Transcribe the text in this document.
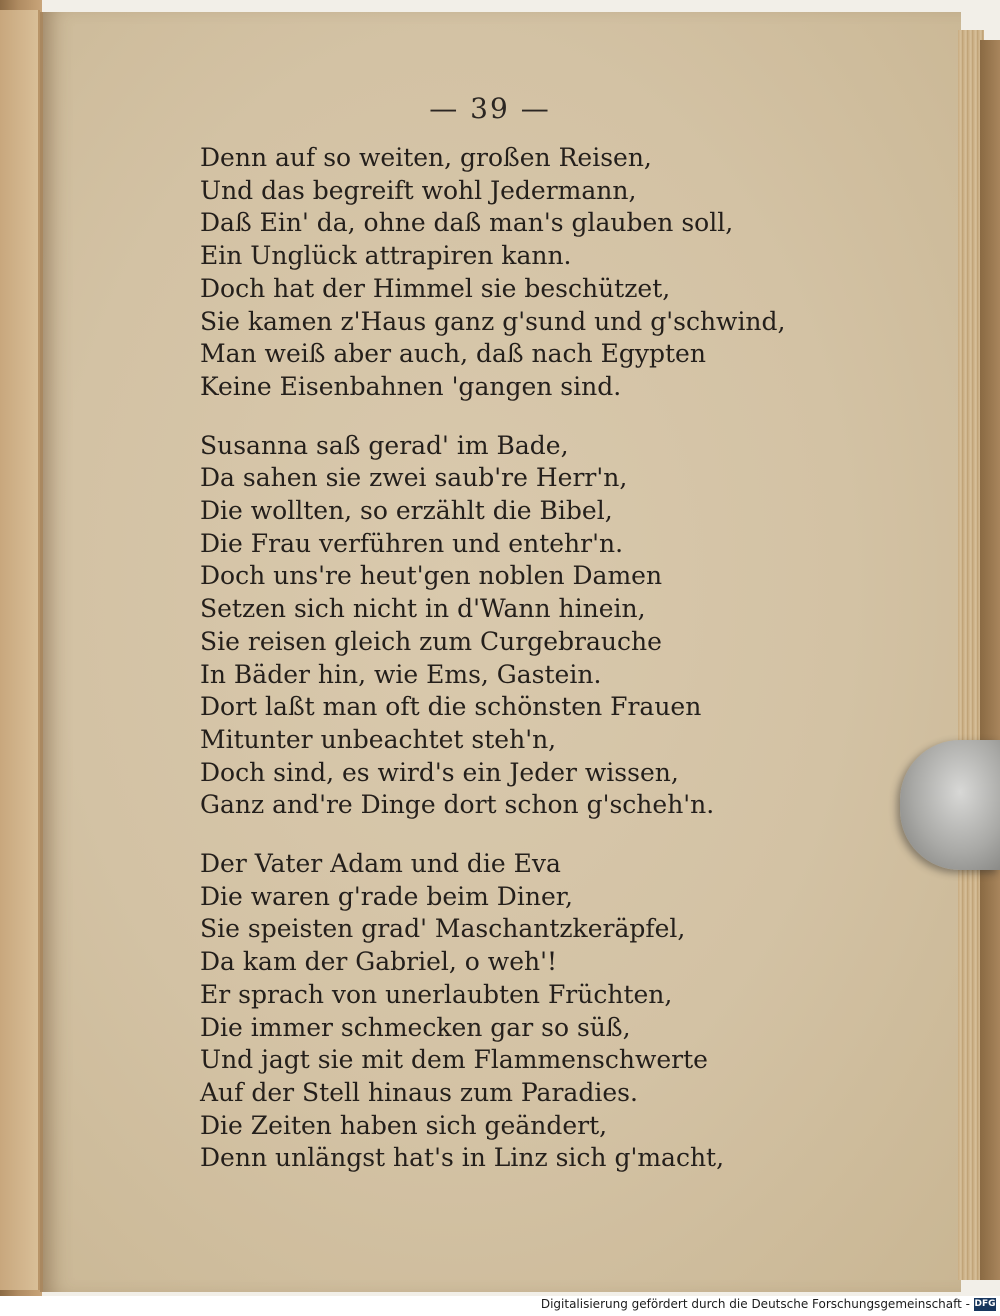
— 39 —
Denn auf so weiten, großen Reisen,
Und das begreift wohl Jedermann,
Daß Ein' da, ohne daß man's glauben soll,
Ein Unglück attrapiren kann.
Doch hat der Himmel sie beschützet,
Sie kamen z'Haus ganz g'sund und g'schwind,
Man weiß aber auch, daß nach Egypten
Keine Eisenbahnen 'gangen sind.
Susanna saß gerad' im Bade,
Da sahen sie zwei saub're Herr'n,
Die wollten, so erzählt die Bibel,
Die Frau verführen und entehr'n.
Doch uns're heut'gen noblen Damen
Setzen sich nicht in d'Wann hinein,
Sie reisen gleich zum Curgebrauche
In Bäder hin, wie Ems, Gastein.
Dort laßt man oft die schönsten Frauen
Mitunter unbeachtet steh'n,
Doch sind, es wird's ein Jeder wissen,
Ganz and're Dinge dort schon g'scheh'n.
Der Vater Adam und die Eva
Die waren g'rade beim Diner,
Sie speisten grad' Maschantzkeräpfel,
Da kam der Gabriel, o weh'!
Er sprach von unerlaubten Früchten,
Die immer schmecken gar so süß,
Und jagt sie mit dem Flammenschwerte
Auf der Stell hinaus zum Paradies.
Die Zeiten haben sich geändert,
Denn unlängst hat's in Linz sich g'macht,
Digitalisierung gefördert durch die Deutsche Forschungsgemeinschaft - DFG
